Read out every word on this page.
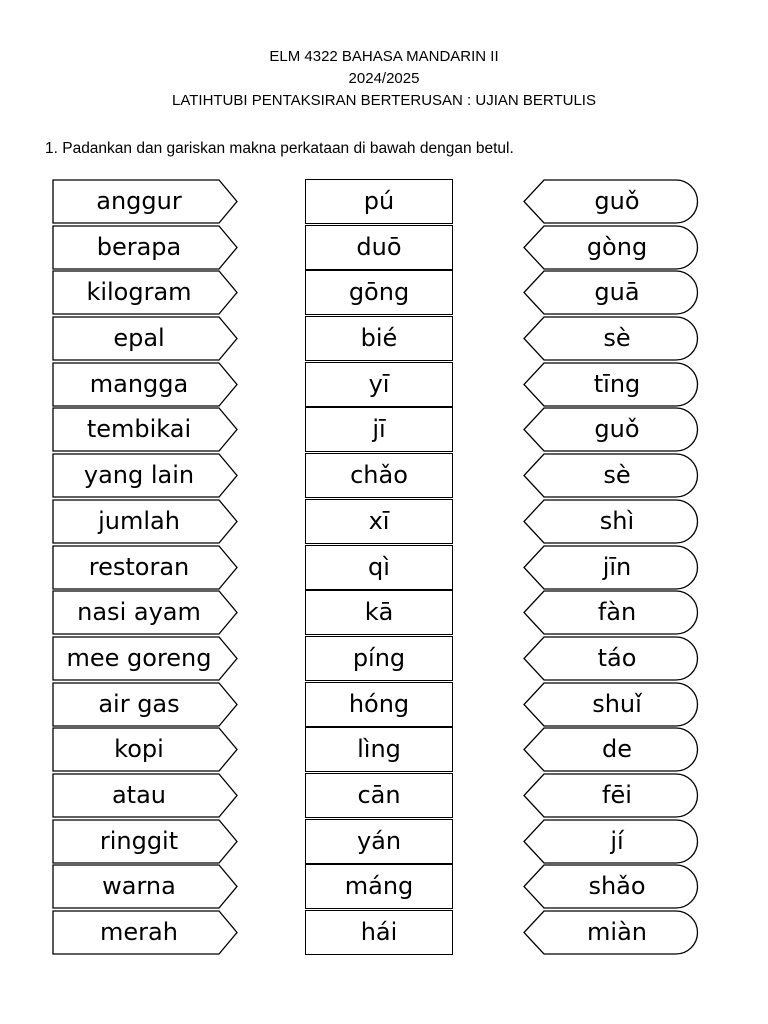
ELM 4322 BAHASA MANDARIN II
2024/2025
LATIHTUBI PENTAKSIRAN BERTERUSAN : UJIAN BERTULIS
1. Padankan dan gariskan makna perkataan di bawah dengan betul.
anggur
berapa
kilogram
epal
mangga
tembikai
yang lain
jumlah
restoran
nasi ayam
mee goreng
air gas
kopi
atau
ringgit
warna
merah
pú
duō
gōng
bié
yī
jī
chǎo
xī
qì
kā
píng
hóng
lìng
cān
yán
máng
hái
guǒ
gòng
guā
sè
tīng
guǒ
sè
shì
jīn
fàn
táo
shuǐ
de
fēi
jí
shǎo
miàn
